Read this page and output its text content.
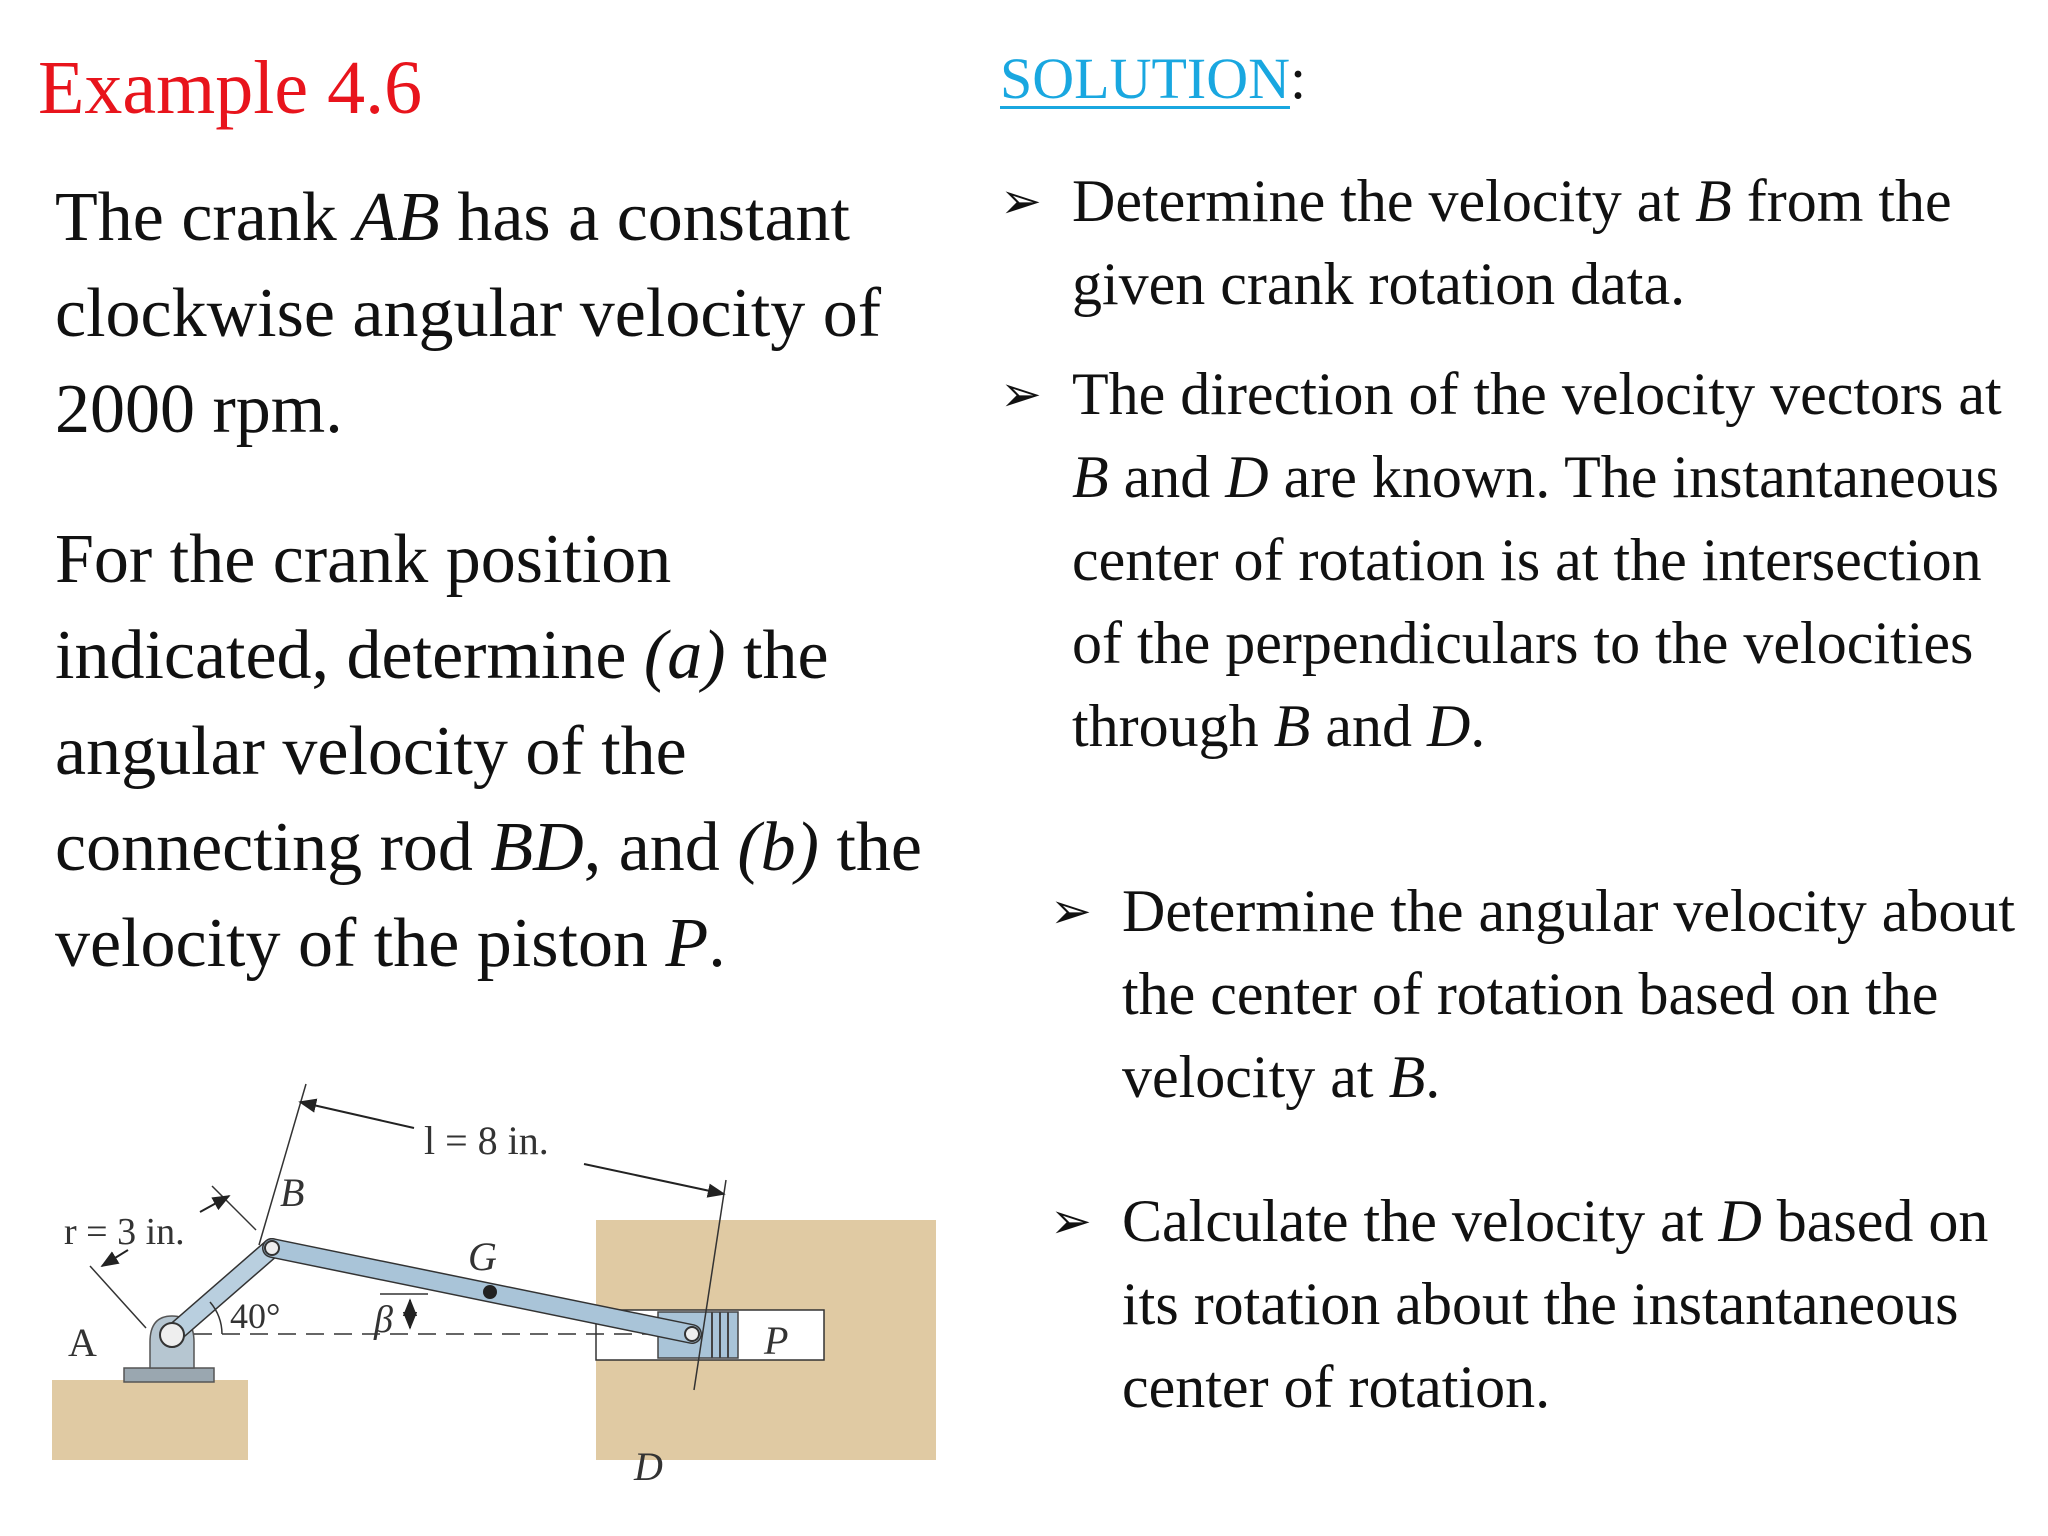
Example 4.6
The crank AB has a constant clockwise angular velocity of 2000 rpm.
For the crank position indicated, determine (a) the angular velocity of the connecting rod BD, and (b) the velocity of the piston P.
SOLUTION:
➢ Determine the velocity at B from the given crank rotation data.
➢ The direction of the velocity vectors at B and D are known. The instantaneous center of rotation is at the intersection of the perpendiculars to the velocities through B and D.
➢ Determine the angular velocity about the center of rotation based on the velocity at B.
➢ Calculate the velocity at D based on its rotation about the instantaneous center of rotation.
l = 8 in.
r = 3 in.
40° β
A
B
G
P
D
